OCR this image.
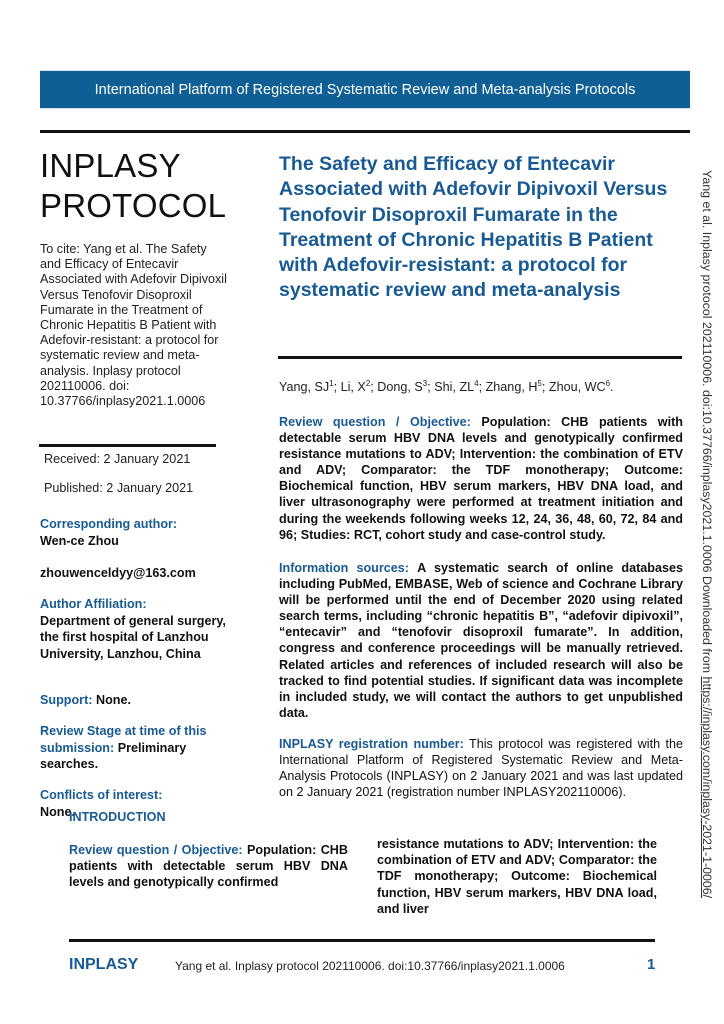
International Platform of Registered Systematic Review and Meta-analysis Protocols
INPLASY
PROTOCOL
To cite: Yang et al. The Safety and Efficacy of Entecavir Associated with Adefovir Dipivoxil Versus Tenofovir Disoproxil Fumarate in the Treatment of Chronic Hepatitis B Patient with Adefovir-resistant: a protocol for systematic review and meta-analysis. Inplasy protocol 202110006. doi: 10.37766/inplasy2021.1.0006
Received: 2 January 2021
Published: 2 January 2021
Corresponding author:
Wen-ce Zhou
zhouwenceldyy@163.com
Author Affiliation:
Department of general surgery, the first hospital of Lanzhou University, Lanzhou, China
Support: None.
Review Stage at time of this submission: Preliminary searches.
Conflicts of interest:
None.
The Safety and Efficacy of Entecavir Associated with Adefovir Dipivoxil Versus Tenofovir Disoproxil Fumarate in the Treatment of Chronic Hepatitis B Patient with Adefovir-resistant: a protocol for systematic review and meta-analysis
Yang, $SJ^1$; Li, $X^2$; Dong, $S^3$; Shi, $ZL^4$; Zhang, $H^5$; Zhou, $WC^6$.
Review question / Objective: Population: CHB patients with detectable serum HBV DNA levels and genotypically confirmed resistance mutations to ADV; Intervention: the combination of ETV and ADV; Comparator: the TDF monotherapy; Outcome: Biochemical function, HBV serum markers, HBV DNA load, and liver ultrasonography were performed at treatment initiation and during the weekends following weeks 12, 24, 36, 48, 60, 72, 84 and 96; Studies: RCT, cohort study and case-control study.
Information sources: A systematic search of online databases including PubMed, EMBASE, Web of science and Cochrane Library will be performed until the end of December 2020 using related search terms, including “chronic hepatitis B”, “adefovir dipivoxil”, “entecavir” and “tenofovir disoproxil fumarate”. In addition, congress and conference proceedings will be manually retrieved. Related articles and references of included research will also be tracked to find potential studies. If significant data was incomplete in included study, we will contact the authors to get unpublished data.
INPLASY registration number: This protocol was registered with the International Platform of Registered Systematic Review and Meta-Analysis Protocols (INPLASY) on 2 January 2021 and was last updated on 2 January 2021 (registration number INPLASY202110006).
INTRODUCTION
Review question / Objective: Population: CHB patients with detectable serum HBV DNA levels and genotypically confirmed
resistance mutations to ADV; Intervention: the combination of ETV and ADV; Comparator: the TDF monotherapy; Outcome: Biochemical function, HBV serum markers, HBV DNA load, and liver
INPLASY	Yang et al. Inplasy protocol 202110006. doi:10.37766/inplasy2021.1.0006	1
Yang et al. Inplasy protocol 202110006. doi:10.37766/inplasy2021.1.0006 Downloaded from https://inplasy.com/inplasy-2021-1-0006/
